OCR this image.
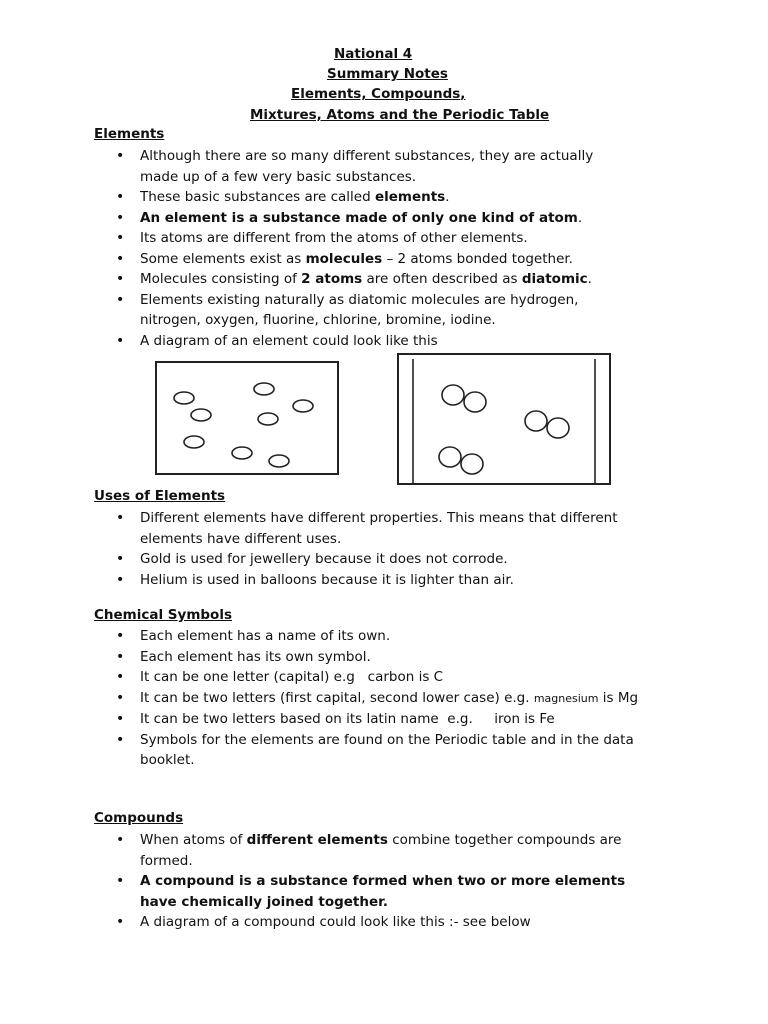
National 4
Summary Notes
Elements, Compounds,
Mixtures, Atoms and the Periodic Table
Elements
• Although there are so many different substances, they are actually made up of a few very basic substances.
• These basic substances are called elements.
• An element is a substance made of only one kind of atom.
• Its atoms are different from the atoms of other elements.
• Some elements exist as molecules – 2 atoms bonded together.
• Molecules consisting of 2 atoms are often described as diatomic.
• Elements existing naturally as diatomic molecules are hydrogen, nitrogen, oxygen, fluorine, chlorine, bromine, iodine.
• A diagram of an element could look like this
Uses of Elements
• Different elements have different properties. This means that different elements have different uses.
• Gold is used for jewellery because it does not corrode.
• Helium is used in balloons because it is lighter than air.
Chemical Symbols
• Each element has a name of its own.
• Each element has its own symbol.
• It can be one letter (capital) e.g   carbon is C
• It can be two letters (first capital, second lower case) e.g. magnesium is Mg
• It can be two letters based on its latin name  e.g.     iron is Fe
• Symbols for the elements are found on the Periodic table and in the data booklet.
Compounds
• When atoms of different elements combine together compounds are formed.
• A compound is a substance formed when two or more elements have chemically joined together.
• A diagram of a compound could look like this :- see below
